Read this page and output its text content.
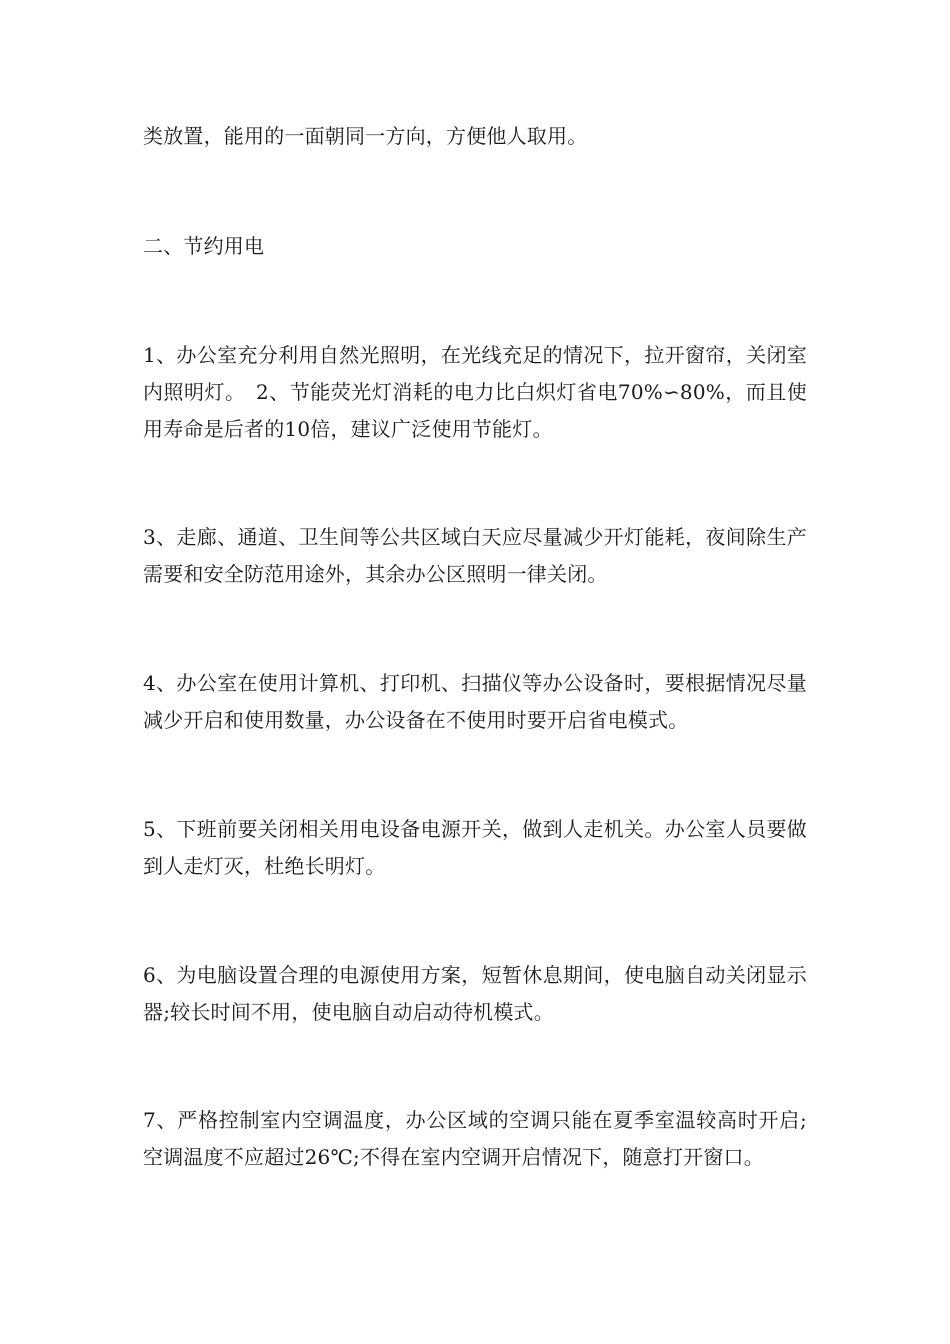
类放置，能用的一面朝同一方向，方便他人取用。

二、节约用电

1、办公室充分利用自然光照明，在光线充足的情况下，拉开窗帘，关闭室内照明灯。　2、节能荧光灯消耗的电力比白炽灯省电70%∽80%，而且使用寿命是后者的10倍，建议广泛使用节能灯。

3、走廊、通道、卫生间等公共区域白天应尽量减少开灯能耗，夜间除生产需要和安全防范用途外，其余办公区照明一律关闭。

4、办公室在使用计算机、打印机、扫描仪等办公设备时，要根据情况尽量减少开启和使用数量，办公设备在不使用时要开启省电模式。

5、下班前要关闭相关用电设备电源开关，做到人走机关。办公室人员要做到人走灯灭，杜绝长明灯。

6、为电脑设置合理的电源使用方案，短暂休息期间，使电脑自动关闭显示器;较长时间不用，使电脑自动启动待机模式。

7、严格控制室内空调温度，办公区域的空调只能在夏季室温较高时开启;空调温度不应超过26℃;不得在室内空调开启情况下，随意打开窗口。
